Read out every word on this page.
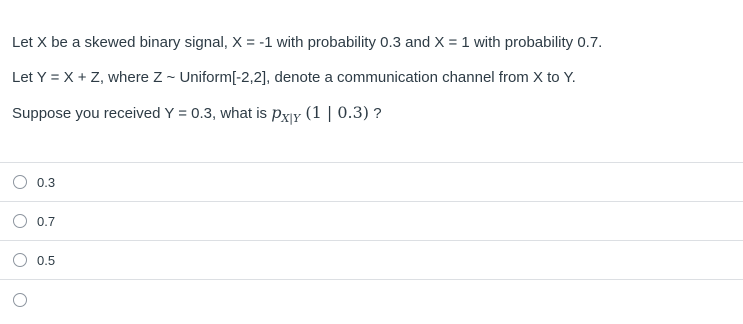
Let X be a skewed binary signal, X = -1 with probability 0.3 and X = 1 with probability 0.7.
Let Y = X + Z, where Z ~ Uniform[-2,2], denote a communication channel from X to Y.
Suppose you received Y = 0.3, what is $p_{X|Y}$ (1 | 0.3) ?
0.3
0.7
0.5
